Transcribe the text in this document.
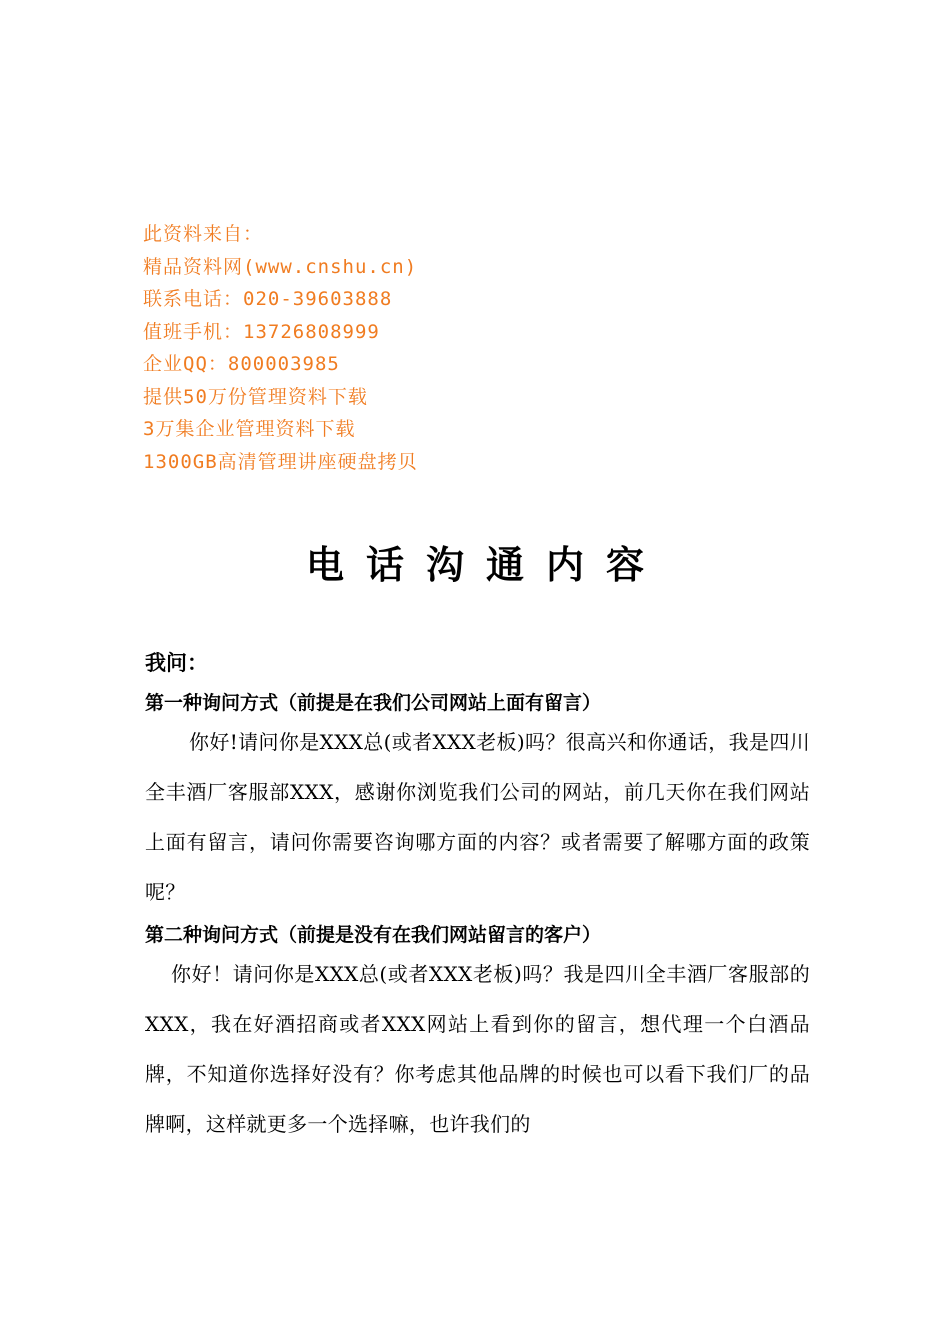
此资料来自：
精品资料网(www.cnshu.cn)
联系电话：020-39603888
值班手机：13726808999
企业QQ：800003985
提供50万份管理资料下载
3万集企业管理资料下载
1300GB高清管理讲座硬盘拷贝
电话沟通内容
我问：
第一种询问方式（前提是在我们公司网站上面有留言）

你好!请问你是XXX总(或者XXX老板)吗？很高兴和你通话，我是四川全丰酒厂客服部XXX，感谢你浏览我们公司的网站，前几天你在我们网站上面有留言，请问你需要咨询哪方面的内容？或者需要了解哪方面的政策呢？

第二种询问方式（前提是没有在我们网站留言的客户）

你好！请问你是XXX总(或者XXX老板)吗？我是四川全丰酒厂客服部的XXX，我在好酒招商或者XXX网站上看到你的留言，想代理一个白酒品牌，不知道你选择好没有？你考虑其他品牌的时候也可以看下我们厂的品牌啊，这样就更多一个选择嘛，也许我们的
